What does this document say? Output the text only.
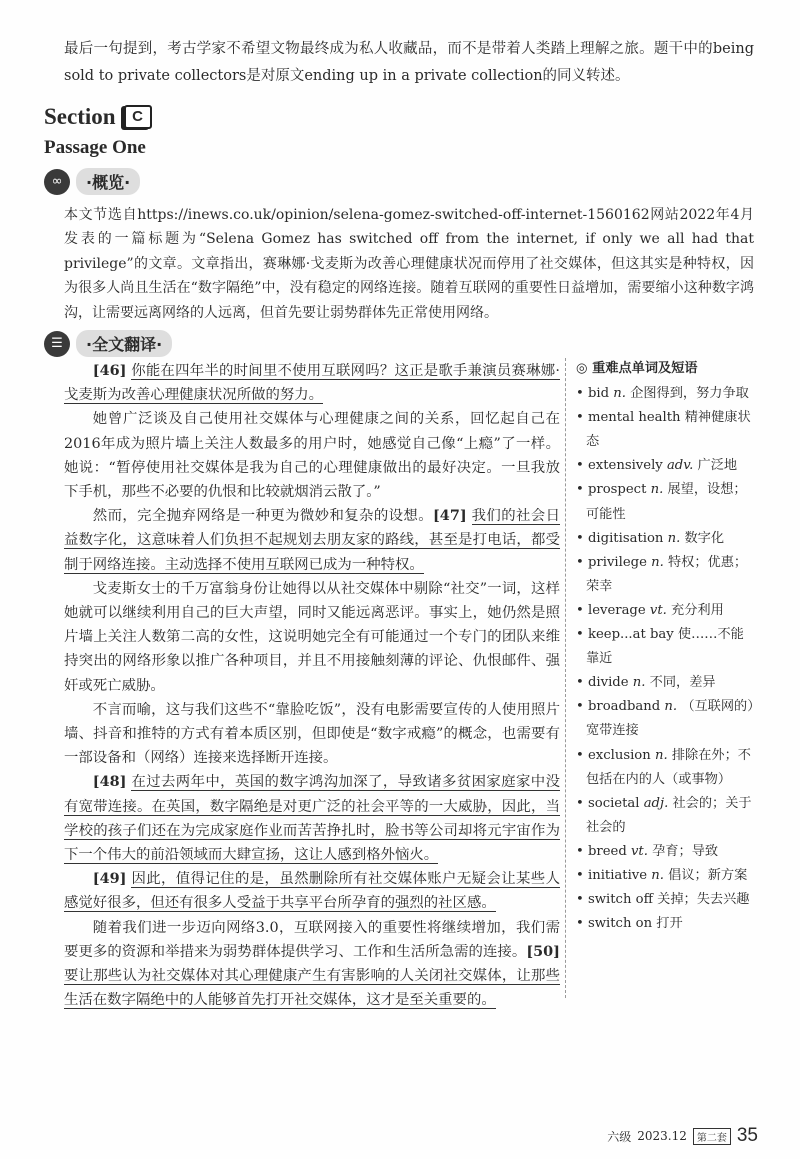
最后一句提到，考古学家不希望文物最终成为私人收藏品，而不是带着人类踏上理解之旅。题干中的being sold to private collectors是对原文ending up in a private collection的同义转述。
Section	C
Passage One
∞	·概览·
本文节选自https://inews.co.uk/opinion/selena-gomez-switched-off-internet-1560162网站2022年4月发表的一篇标题为“Selena Gomez has switched off from the internet, if only we all had that privilege”的文章。文章指出，赛琳娜·戈麦斯为改善心理健康状况而停用了社交媒体，但这其实是种特权，因为很多人尚且生活在“数字隔绝”中，没有稳定的网络连接。随着互联网的重要性日益增加，需要缩小这种数字鸿沟，让需要远离网络的人远离，但首先要让弱势群体先正常使用网络。
☰	·全文翻译·

[46] 你能在四年半的时间里不使用互联网吗？这正是歌手兼演员赛琳娜·戈麦斯为改善心理健康状况所做的努力。

她曾广泛谈及自己使用社交媒体与心理健康之间的关系，回忆起自己在2016年成为照片墙上关注人数最多的用户时，她感觉自己像“上瘾”了一样。她说：“暂停使用社交媒体是我为自己的心理健康做出的最好决定。一旦我放下手机，那些不必要的仇恨和比较就烟消云散了。”

然而，完全抛弃网络是一种更为微妙和复杂的设想。[47] 我们的社会日益数字化，这意味着人们负担不起规划去朋友家的路线，甚至是打电话，都受制于网络连接。主动选择不使用互联网已成为一种特权。

戈麦斯女士的千万富翁身份让她得以从社交媒体中剔除“社交”一词，这样她就可以继续利用自己的巨大声望，同时又能远离恶评。事实上，她仍然是照片墙上关注人数第二高的女性，这说明她完全有可能通过一个专门的团队来维持突出的网络形象以推广各种项目，并且不用接触刻薄的评论、仇恨邮件、强奸或死亡威胁。

不言而喻，这与我们这些不“靠脸吃饭”，没有电影需要宣传的人使用照片墙、抖音和推特的方式有着本质区别，但即使是“数字戒瘾”的概念，也需要有一部设备和（网络）连接来选择断开连接。

[48] 在过去两年中，英国的数字鸿沟加深了，导致诸多贫困家庭家中没有宽带连接。在英国，数字隔绝是对更广泛的社会平等的一大威胁，因此，当学校的孩子们还在为完成家庭作业而苦苦挣扎时，脸书等公司却将元宇宙作为下一个伟大的前沿领域而大肆宣扬，这让人感到格外恼火。

[49] 因此，值得记住的是，虽然删除所有社交媒体账户无疑会让某些人感觉好很多，但还有很多人受益于共享平台所孕育的强烈的社区感。

随着我们进一步迈向网络3.0，互联网接入的重要性将继续增加，我们需要更多的资源和举措来为弱势群体提供学习、工作和生活所急需的连接。[50] 要让那些认为社交媒体对其心理健康产生有害影响的人关闭社交媒体，让那些生活在数字隔绝中的人能够首先打开社交媒体，这才是至关重要的。

◎ 重难点单词及短语
• bid n. 企图得到，努力争取
• mental health 精神健康状态
• extensively adv. 广泛地
• prospect n. 展望，设想；可能性
• digitisation n. 数字化
• privilege n. 特权；优惠；荣幸
• leverage vt. 充分利用
• keep...at bay 使……不能靠近
• divide n. 不同，差异
• broadband n. （互联网的）宽带连接
• exclusion n. 排除在外；不包括在内的人（或事物）
• societal adj. 社会的；关于社会的
• breed vt. 孕育；导致
• initiative n. 倡议；新方案
• switch off 关掉；失去兴趣
• switch on 打开
六级 2023.12	第二套 35
